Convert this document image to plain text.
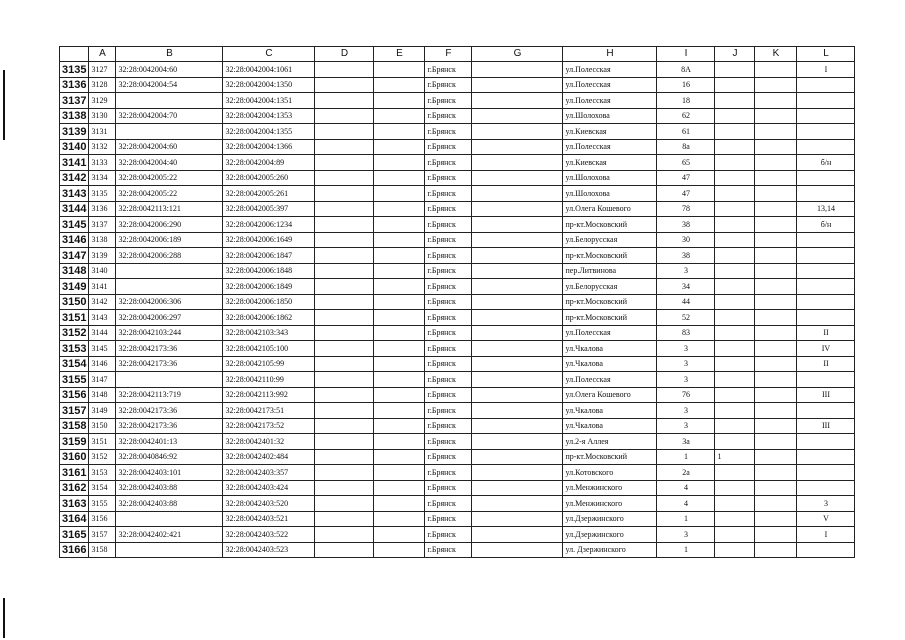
	A	B	C	D	E	F	G	H	I	J	K	L
3135	3127	32:28:0042004:60	32:28:0042004:1061			г.Брянск		ул.Полесская	8А			I
3136	3128	32:28:0042004:54	32:28:0042004:1350			г.Брянск		ул.Полесская	16			
3137	3129		32:28:0042004:1351			г.Брянск		ул.Полесская	18			
3138	3130	32:28:0042004:70	32:28:0042004:1353			г.Брянск		ул.Шолохова	62			
3139	3131		32:28:0042004:1355			г.Брянск		ул.Киевская	61			
3140	3132	32:28:0042004:60	32:28:0042004:1366			г.Брянск		ул.Полесская	8а			
3141	3133	32:28:0042004:40	32:28:0042004:89			г.Брянск		ул.Киевская	65			б/н
3142	3134	32:28:0042005:22	32:28:0042005:260			г.Брянск		ул.Шолохова	47			
3143	3135	32:28:0042005:22	32:28:0042005:261			г.Брянск		ул.Шолохова	47			
3144	3136	32:28:0042113:121	32:28:0042005:397			г.Брянск		ул.Олега Кошевого	78			13,14
3145	3137	32:28:0042006:290	32:28:0042006:1234			г.Брянск		пр-кт.Московский	38			б/н
3146	3138	32:28:0042006:189	32:28:0042006:1649			г.Брянск		ул.Белорусская	30			
3147	3139	32:28:0042006:288	32:28:0042006:1847			г.Брянск		пр-кт.Московский	38			
3148	3140		32:28:0042006:1848			г.Брянск		пер.Литвинова	3			
3149	3141		32:28:0042006:1849			г.Брянск		ул.Белорусская	34			
3150	3142	32:28:0042006:306	32:28:0042006:1850			г.Брянск		пр-кт.Московский	44			
3151	3143	32:28:0042006:297	32:28:0042006:1862			г.Брянск		пр-кт.Московский	52			
3152	3144	32:28:0042103:244	32:28:0042103:343			г.Брянск		ул.Полесская	83			II
3153	3145	32:28:0042173:36	32:28:0042105:100			г.Брянск		ул.Чкалова	3			IV
3154	3146	32:28:0042173:36	32:28:0042105:99			г.Брянск		ул.Чкалова	3			II
3155	3147		32:28:0042110:99			г.Брянск		ул.Полесская	3			
3156	3148	32:28:0042113:719	32:28:0042113:992			г.Брянск		ул.Олега Кошевого	76			III
3157	3149	32:28:0042173:36	32:28:0042173:51			г.Брянск		ул.Чкалова	3			
3158	3150	32:28:0042173:36	32:28:0042173:52			г.Брянск		ул.Чкалова	3			III
3159	3151	32:28:0042401:13	32:28:0042401:32			г.Брянск		ул.2-я Аллея	3а			
3160	3152	32:28:0040846:92	32:28:0042402:484			г.Брянск		пр-кт.Московский	1	1		
3161	3153	32:28:0042403:101	32:28:0042403:357			г.Брянск		ул.Котовского	2а			
3162	3154	32:28:0042403:88	32:28:0042403:424			г.Брянск		ул.Менжинского	4			
3163	3155	32:28:0042403:88	32:28:0042403:520			г.Брянск		ул.Менжинского	4			3
3164	3156		32:28:0042403:521			г.Брянск		ул.Дзержинского	1			V
3165	3157	32:28:0042402:421	32:28:0042403:522			г.Брянск		ул.Дзержинского	3			I
3166	3158		32:28:0042403:523			г.Брянск		ул. Дзержинского	1			
